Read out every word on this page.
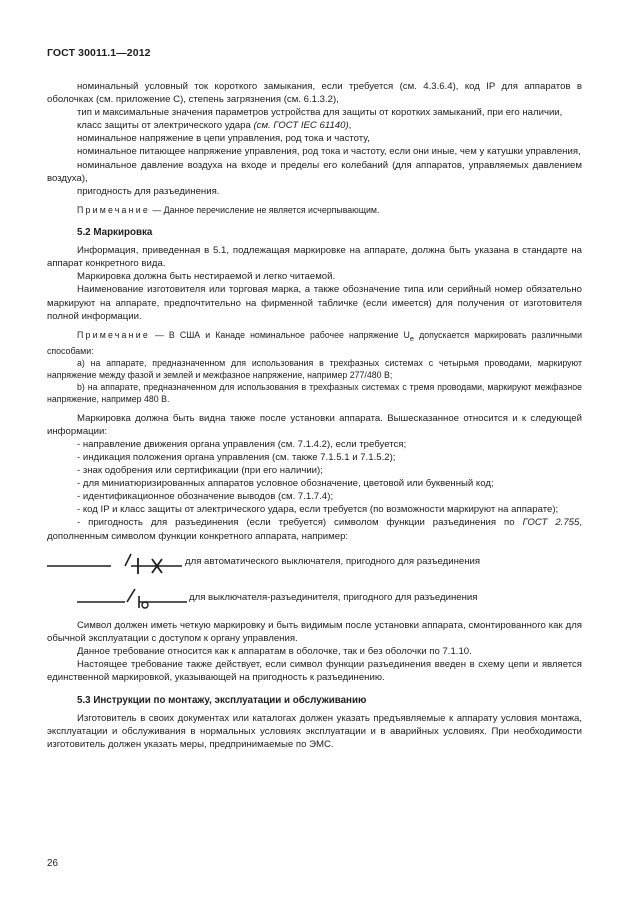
ГОСТ 30011.1—2012

номинальный условный ток короткого замыкания, если требуется (см. 4.3.6.4), код IP для аппаратов в оболочках (см. приложение С), степень загрязнения (см. 6.1.3.2),

тип и максимальные значения параметров устройства для защиты от коротких замыканий, при его наличии,

класс защиты от электрического удара (см. ГОСТ IEC 61140),

номинальное напряжение в цепи управления, род тока и частоту,

номинальное питающее напряжение управления, род тока и частоту, если они иные, чем у катушки управления,

номинальное давление воздуха на входе и пределы его колебаний (для аппаратов, управляемых давлением воздуха),

пригодность для разъединения.

Примечание — Данное перечисление не является исчерпывающим.

5.2 Маркировка

Информация, приведенная в 5.1, подлежащая маркировке на аппарате, должна быть указана в стандарте на аппарат конкретного вида.

Маркировка должна быть нестираемой и легко читаемой.

Наименование изготовителя или торговая марка, а также обозначение типа или серийный номер обязательно маркируют на аппарате, предпочтительно на фирменной табличке (если имеется) для получения от изготовителя полной информации.

Примечание — В США и Канаде номинальное рабочее напряжение $U_e$ допускается маркировать различными способами:

a) на аппарате, предназначенном для использования в трехфазных системах с четырьмя проводами, маркируют напряжение между фазой и землей и межфазное напряжение, например 277/480 В;

b) на аппарате, предназначенном для использования в трехфазных системах с тремя проводами, маркируют межфазное напряжение, например 480 В.

Маркировка должна быть видна также после установки аппарата. Вышесказанное относится и к следующей информации:

- направление движения органа управления (см. 7.1.4.2), если требуется;

- индикация положения органа управления (см. также 7.1.5.1 и 7.1.5.2);

- знак одобрения или сертификации (при его наличии);

- для миниатюризированных аппаратов условное обозначение, цветовой или буквенный код;

- идентификационное обозначение выводов (см. 7.1.7.4);

- код IP и класс защиты от электрического удара, если требуется (по возможности маркируют на аппарате);

- пригодность для разъединения (если требуется) символом функции разъединения по ГОСТ 2.755, дополненным символом функции конкретного аппарата, например:

для автоматического выключателя, пригодного для разъединения
для выключателя-разъединителя, пригодного для разъединения

Символ должен иметь четкую маркировку и быть видимым после установки аппарата, смонтированного как для обычной эксплуатации с доступом к органу управления.

Данное требование относится как к аппаратам в оболочке, так и без оболочки по 7.1.10.

Настоящее требование также действует, если символ функции разъединения введен в схему цепи и является единственной маркировкой, указывающей на пригодность к разъединению.

5.3 Инструкции по монтажу, эксплуатации и обслуживанию

Изготовитель в своих документах или каталогах должен указать предъявляемые к аппарату условия монтажа, эксплуатации и обслуживания в нормальных условиях эксплуатации и в аварийных условиях. При необходимости изготовитель должен указать меры, предпринимаемые по ЭМС.

26
